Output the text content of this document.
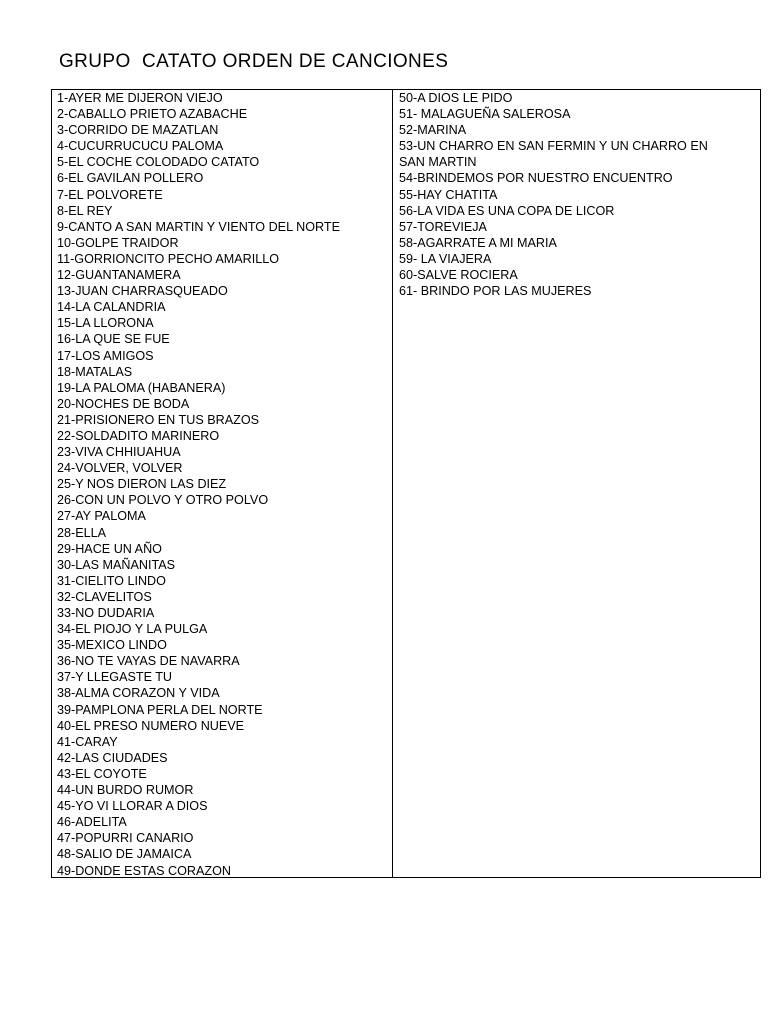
GRUPO  CATATO ORDEN DE CANCIONES
1-AYER ME DIJERON VIEJO
2-CABALLO PRIETO AZABACHE
3-CORRIDO DE MAZATLAN
4-CUCURRUCUCU PALOMA
5-EL COCHE COLODADO CATATO
6-EL GAVILAN POLLERO
7-EL POLVORETE
8-EL REY
9-CANTO A SAN MARTIN Y VIENTO DEL NORTE
10-GOLPE TRAIDOR
11-GORRIONCITO PECHO AMARILLO
12-GUANTANAMERA
13-JUAN CHARRASQUEADO
14-LA CALANDRIA
15-LA LLORONA
16-LA QUE SE FUE
17-LOS AMIGOS
18-MATALAS
19-LA PALOMA (HABANERA)
20-NOCHES DE BODA
21-PRISIONERO EN TUS BRAZOS
22-SOLDADITO MARINERO
23-VIVA CHHIUAHUA
24-VOLVER, VOLVER
25-Y NOS DIERON LAS DIEZ
26-CON UN POLVO Y OTRO POLVO
27-AY PALOMA
28-ELLA
29-HACE UN AÑO
30-LAS MAÑANITAS
31-CIELITO LINDO
32-CLAVELITOS
33-NO DUDARIA
34-EL PIOJO Y LA PULGA
35-MEXICO LINDO
36-NO TE VAYAS DE NAVARRA
37-Y LLEGASTE TU
38-ALMA CORAZON Y VIDA
39-PAMPLONA PERLA DEL NORTE
40-EL PRESO NUMERO NUEVE
41-CARAY
42-LAS CIUDADES
43-EL COYOTE
44-UN BURDO RUMOR
45-YO VI LLORAR A DIOS
46-ADELITA
47-POPURRI CANARIO
48-SALIO DE JAMAICA
49-DONDE ESTAS CORAZON
50-A DIOS LE PIDO
51- MALAGUEÑA SALEROSA
52-MARINA
53-UN CHARRO EN SAN FERMIN Y UN CHARRO EN SAN MARTIN
54-BRINDEMOS POR NUESTRO ENCUENTRO
55-HAY CHATITA
56-LA VIDA ES UNA COPA DE LICOR
57-TOREVIEJA
58-AGARRATE A MI MARIA
59- LA VIAJERA
60-SALVE ROCIERA
61- BRINDO POR LAS MUJERES
